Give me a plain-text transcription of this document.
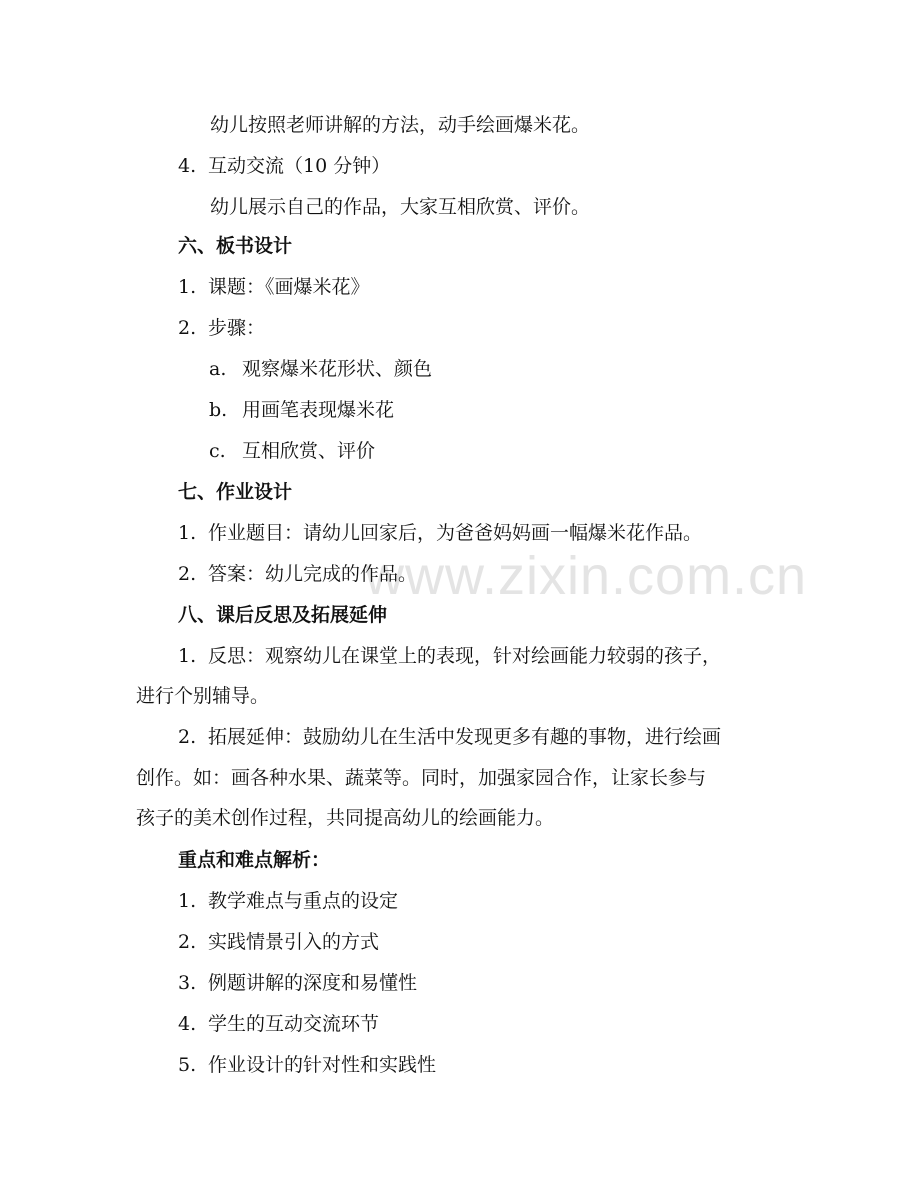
www.zixin.com.cn
幼儿按照老师讲解的方法，动手绘画爆米花。
4. 互动交流（10 分钟）
幼儿展示自己的作品，大家互相欣赏、评价。
六、板书设计
1. 课题：《画爆米花》
2. 步骤：
a. 观察爆米花形状、颜色
b. 用画笔表现爆米花
c. 互相欣赏、评价
七、作业设计
1. 作业题目：请幼儿回家后，为爸爸妈妈画一幅爆米花作品。
2. 答案：幼儿完成的作品。
八、课后反思及拓展延伸
1. 反思：观察幼儿在课堂上的表现，针对绘画能力较弱的孩子，
进行个别辅导。
2. 拓展延伸：鼓励幼儿在生活中发现更多有趣的事物，进行绘画
创作。如：画各种水果、蔬菜等。同时，加强家园合作，让家长参与
孩子的美术创作过程，共同提高幼儿的绘画能力。
重点和难点解析：
1. 教学难点与重点的设定
2. 实践情景引入的方式
3. 例题讲解的深度和易懂性
4. 学生的互动交流环节
5. 作业设计的针对性和实践性
